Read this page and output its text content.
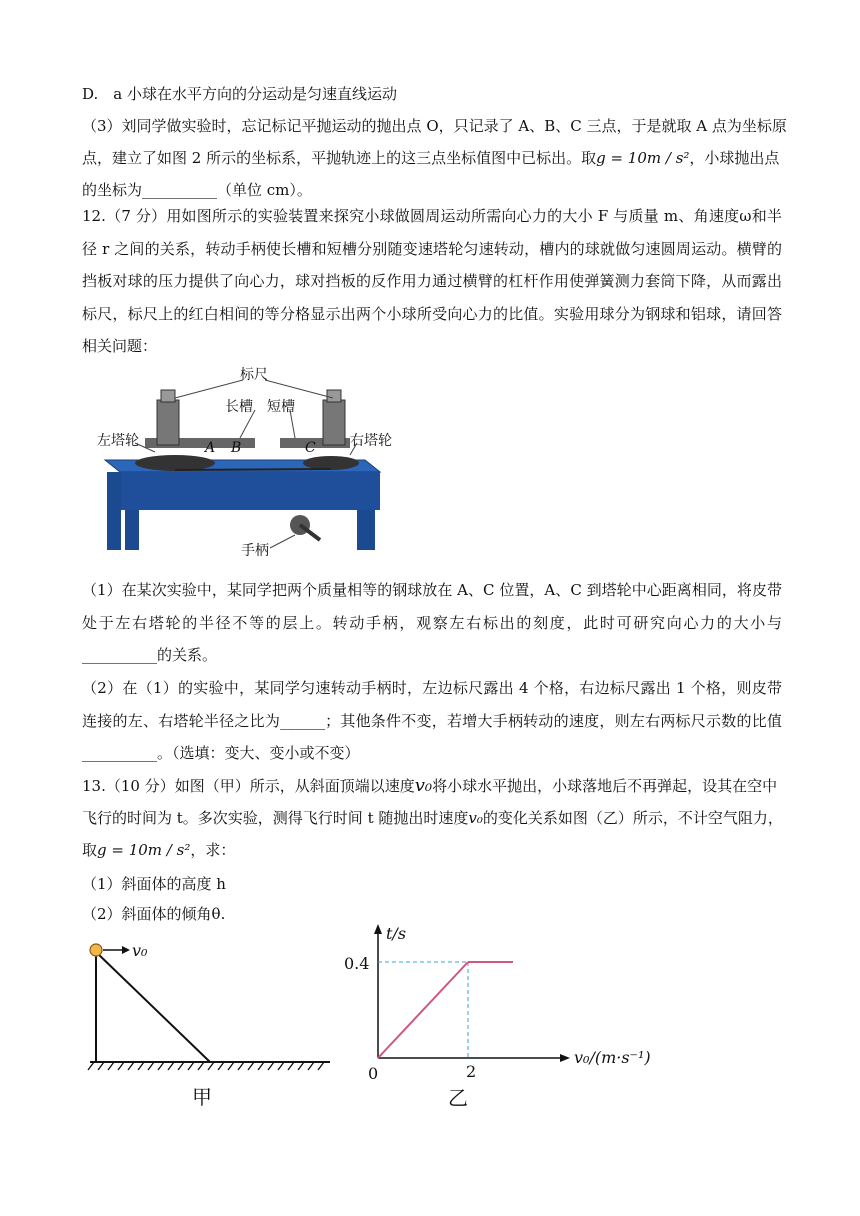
D.　a 小球在水平方向的分运动是匀速直线运动
（3）刘同学做实验时，忘记标记平抛运动的抛出点 O，只记录了 A、B、C 三点，于是就取 A 点为坐标原
点，建立了如图 2 所示的坐标系，平抛轨迹上的这三点坐标值图中已标出。取g = 10m / s²，小球抛出点
的坐标为__________（单位 cm）。
12.（7 分）用如图所示的实验装置来探究小球做圆周运动所需向心力的大小 F 与质量 m、角速度ω和半径 r 之间的关系，转动手柄使长槽和短槽分别随变速塔轮匀速转动，槽内的球就做匀速圆周运动。横臂的挡板对球的压力提供了向心力，球对挡板的反作用力通过横臂的杠杆作用使弹簧测力套筒下降，从而露出标尺，标尺上的红白相间的等分格显示出两个小球所受向心力的比值。实验用球分为钢球和铝球，请回答相关问题：
标尺
长槽 短槽
左塔轮	右塔轮
A B	C
手柄
（1）在某次实验中，某同学把两个质量相等的钢球放在 A、C 位置，A、C 到塔轮中心距离相同，将皮带处于左右塔轮的半径不等的层上。转动手柄，观察左右标出的刻度，此时可研究向心力的大小与__________的关系。
（2）在（1）的实验中，某同学匀速转动手柄时，左边标尺露出 4 个格，右边标尺露出 1 个格，则皮带连接的左、右塔轮半径之比为______；其他条件不变，若增大手柄转动的速度，则左右两标尺示数的比值__________。（选填：变大、变小或不变）
13.（10 分）如图（甲）所示，从斜面顶端以速度v₀将小球水平抛出，小球落地后不再弹起，设其在空中
飞行的时间为 t。多次实验，测得飞行时间 t 随抛出时速度v₀的变化关系如图（乙）所示，不计空气阻力，
取g = 10m / s²，求：
（1）斜面体的高度 h
（2）斜面体的倾角θ.
v₀
甲
t/s
0.4
2
0
v₀/(m·s⁻¹)
乙
